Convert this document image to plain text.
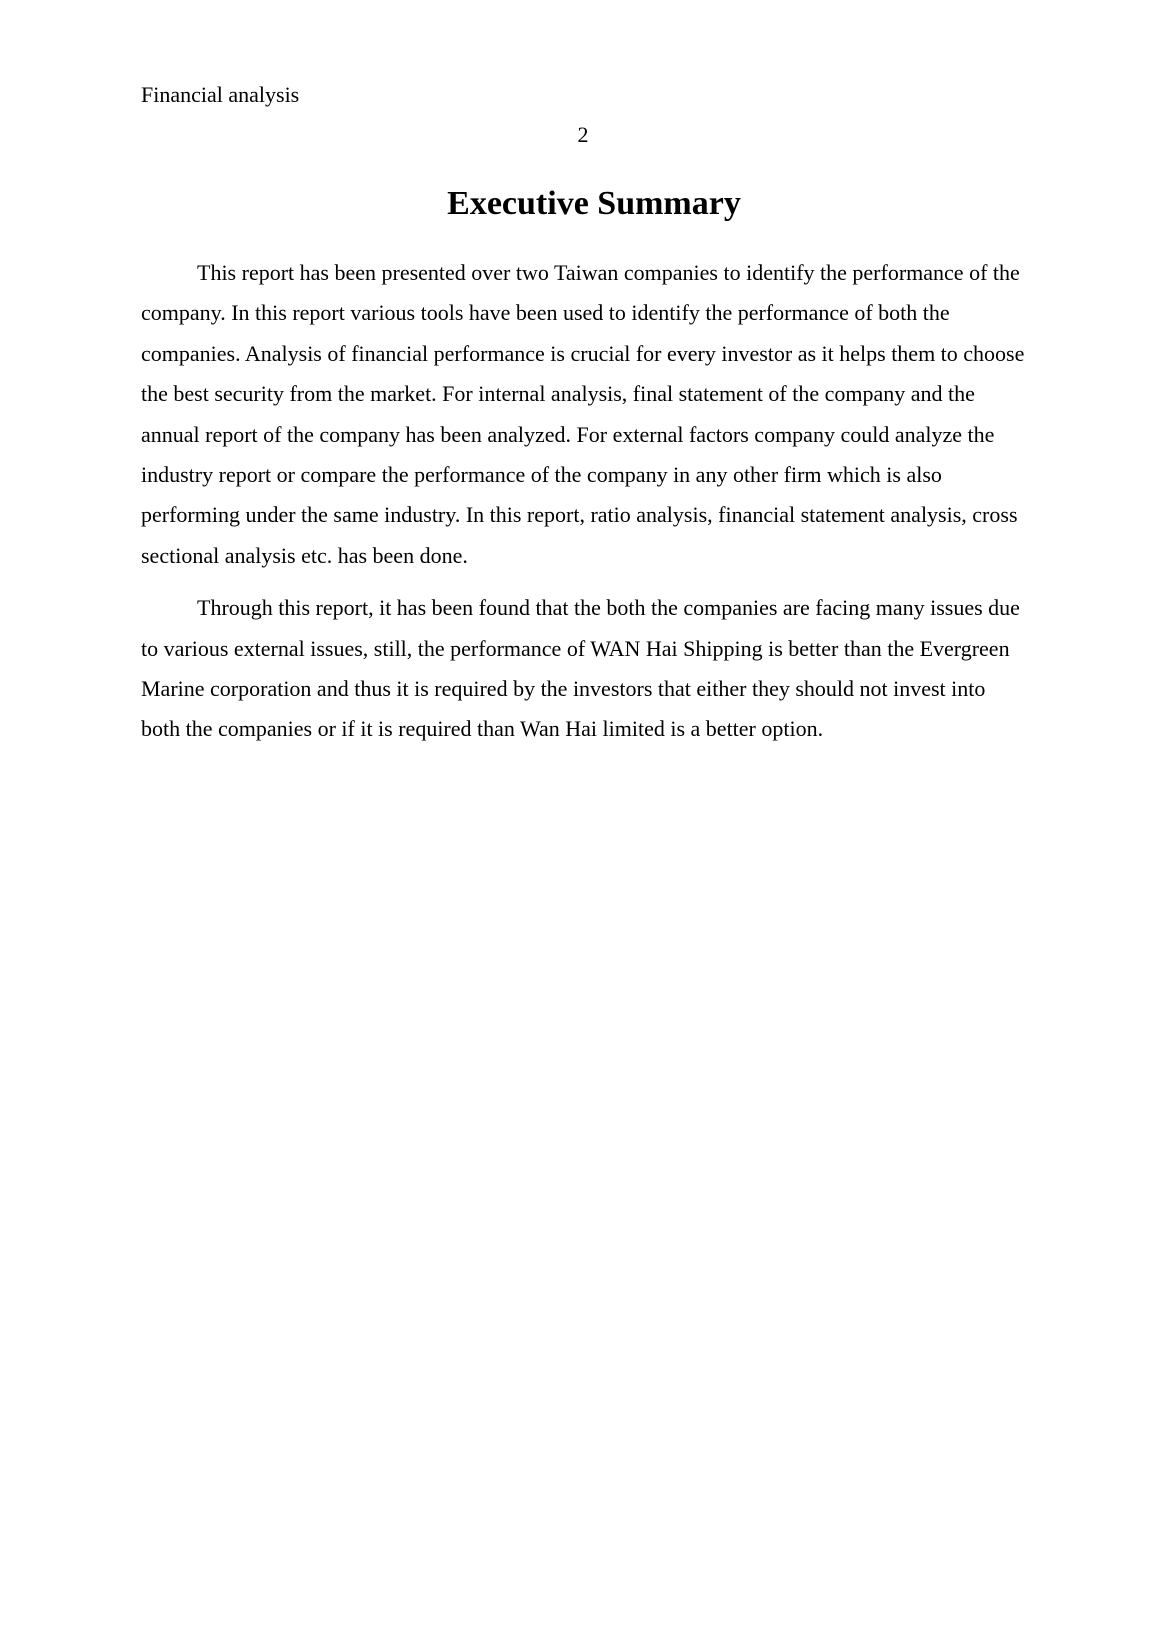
Financial analysis
2
Executive Summary

This report has been presented over two Taiwan companies to identify the performance of the company. In this report various tools have been used to identify the performance of both the companies. Analysis of financial performance is crucial for every investor as it helps them to choose the best security from the market. For internal analysis, final statement of the company and the annual report of the company has been analyzed. For external factors company could analyze the industry report or compare the performance of the company in any other firm which is also performing under the same industry. In this report, ratio analysis, financial statement analysis, cross sectional analysis etc. has been done.

Through this report, it has been found that the both the companies are facing many issues due to various external issues, still, the performance of WAN Hai Shipping is better than the Evergreen Marine corporation and thus it is required by the investors that either they should not invest into both the companies or if it is required than Wan Hai limited is a better option.
